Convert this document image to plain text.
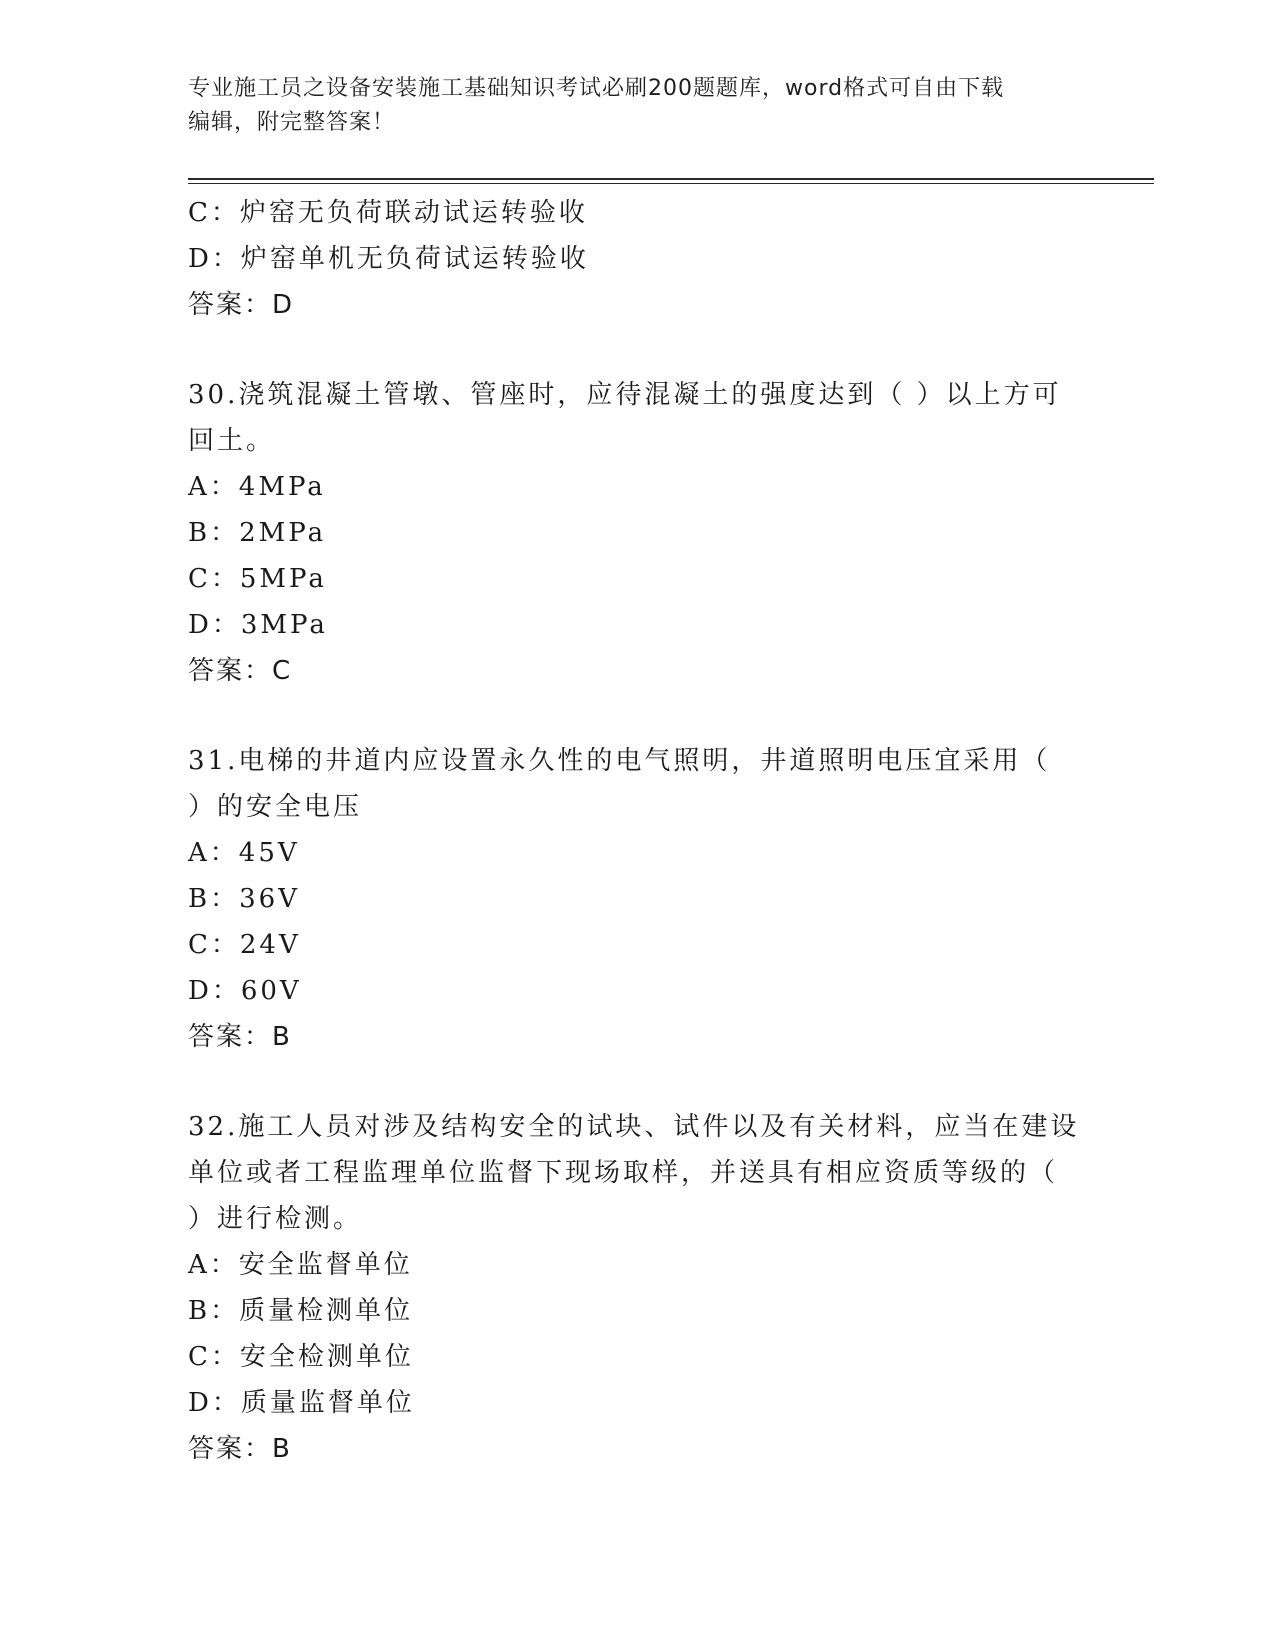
专业施工员之设备安装施工基础知识考试必刷200题题库，word格式可自由下载
编辑，附完整答案！
C：炉窑无负荷联动试运转验收
D：炉窑单机无负荷试运转验收
答案：D
30.浇筑混凝土管墩、管座时，应待混凝土的强度达到（ ）以上方可
回土。
A：4MPa
B：2MPa
C：5MPa
D：3MPa
答案：C
31.电梯的井道内应设置永久性的电气照明，井道照明电压宜采用（
）的安全电压
A：45V
B：36V
C：24V
D：60V
答案：B
32.施工人员对涉及结构安全的试块、试件以及有关材料，应当在建设
单位或者工程监理单位监督下现场取样，并送具有相应资质等级的（
）进行检测。
A：安全监督单位
B：质量检测单位
C：安全检测单位
D：质量监督单位
答案：B
